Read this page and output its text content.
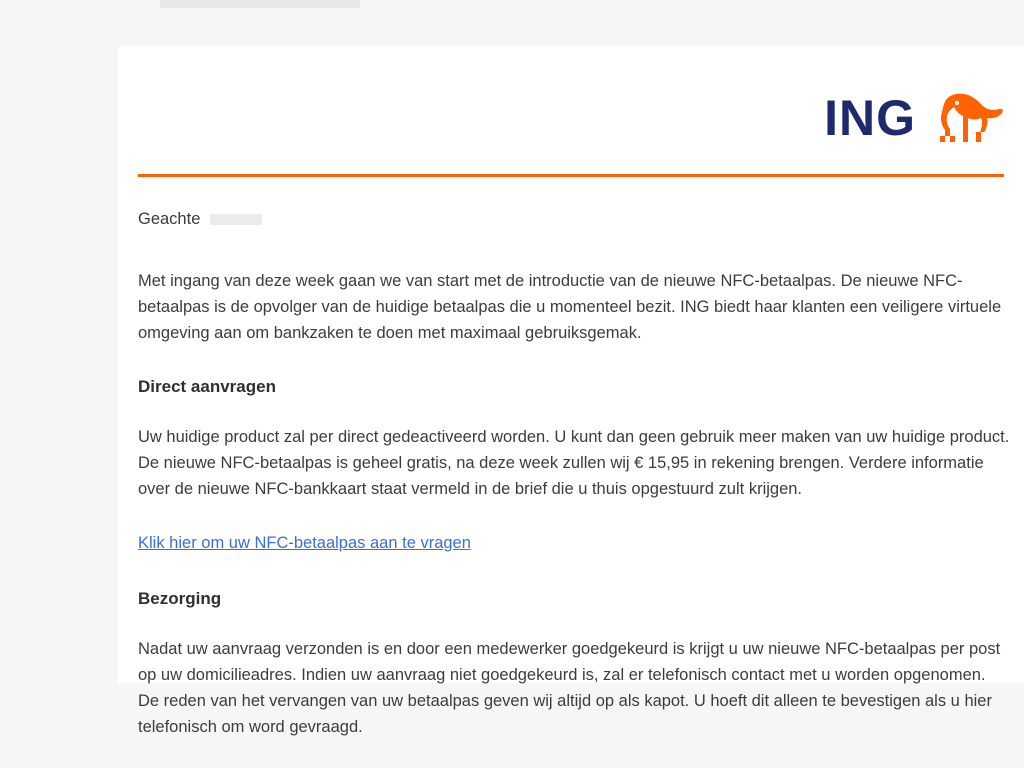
ING

Geachte

Met ingang van deze week gaan we van start met de introductie van de nieuwe NFC-betaalpas. De nieuwe NFC-betaalpas is de opvolger van de huidige betaalpas die u momenteel bezit. ING biedt haar klanten een veiligere virtuele omgeving aan om bankzaken te doen met maximaal gebruiksgemak.

Direct aanvragen

Uw huidige product zal per direct gedeactiveerd worden. U kunt dan geen gebruik meer maken van uw huidige product. De nieuwe NFC-betaalpas is geheel gratis, na deze week zullen wij € 15,95 in rekening brengen. Verdere informatie over de nieuwe NFC-bankkaart staat vermeld in de brief die u thuis opgestuurd zult krijgen.

Klik hier om uw NFC-betaalpas aan te vragen
Bezorging

Nadat uw aanvraag verzonden is en door een medewerker goedgekeurd is krijgt u uw nieuwe NFC-betaalpas per post op uw domicilieadres. Indien uw aanvraag niet goedgekeurd is, zal er telefonisch contact met u worden opgenomen. De reden van het vervangen van uw betaalpas geven wij altijd op als kapot. U hoeft dit alleen te bevestigen als u hier telefonisch om word gevraagd.
